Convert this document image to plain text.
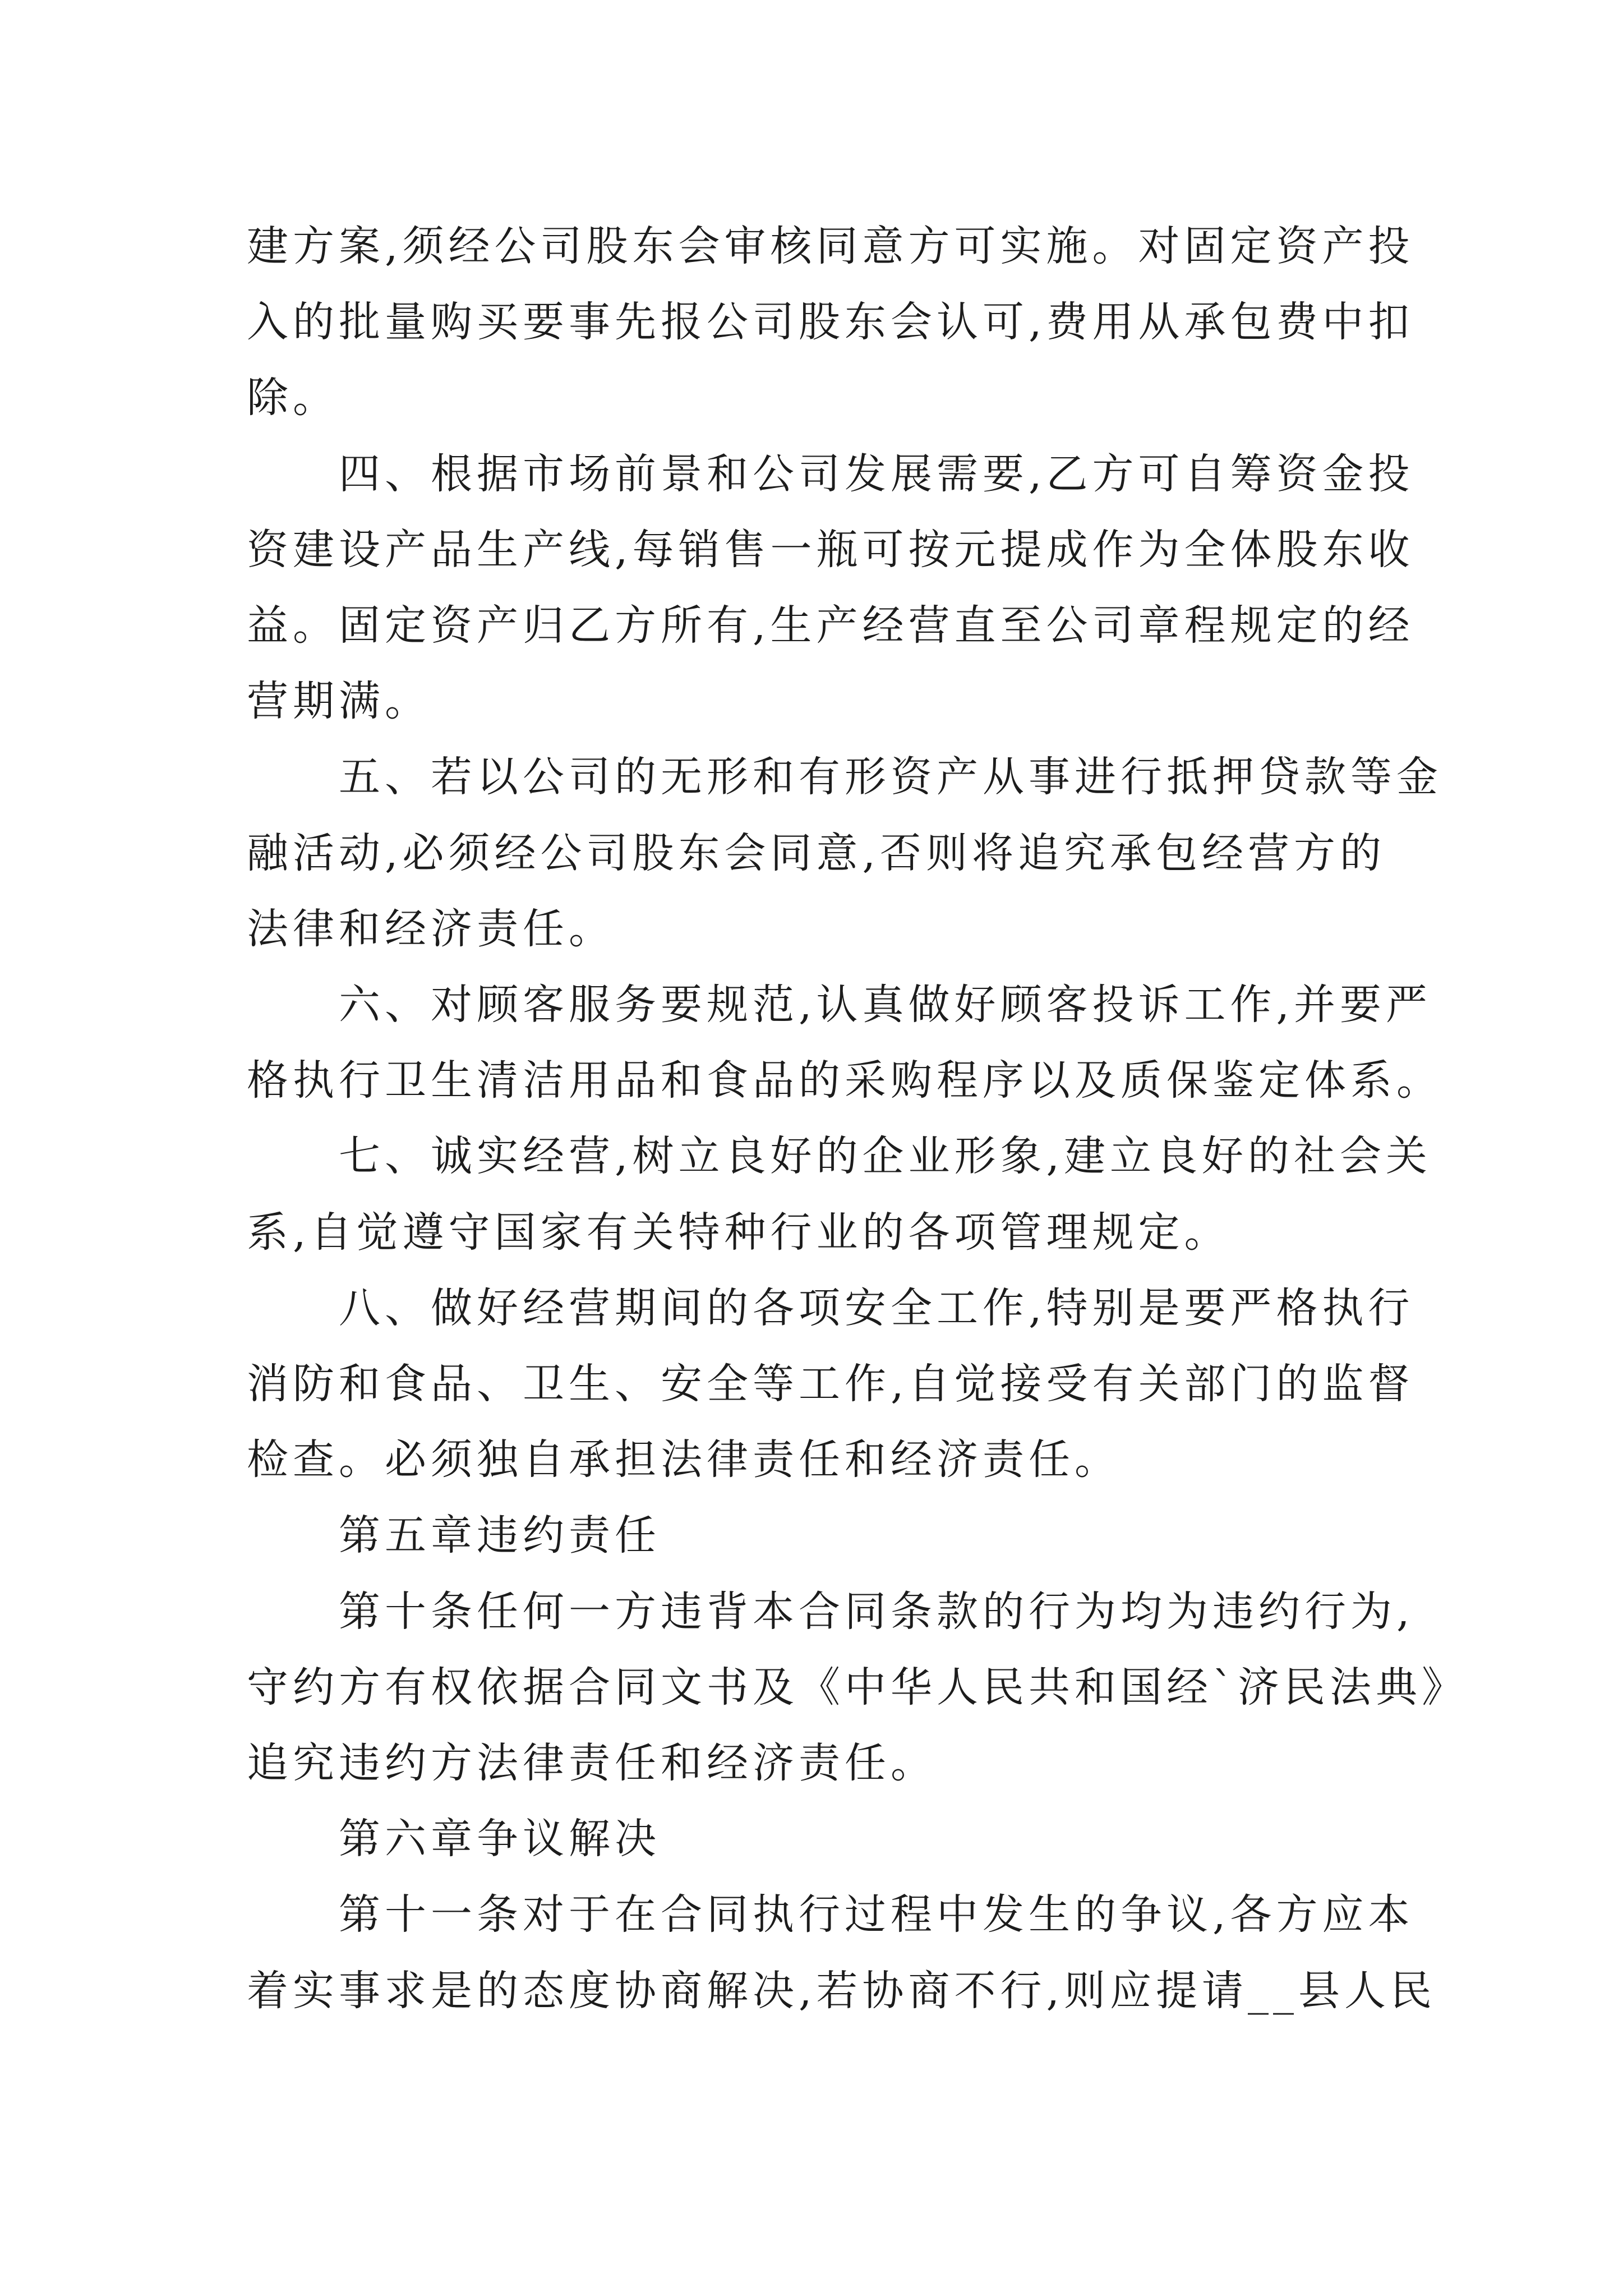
建方案,须经公司股东会审核同意方可实施。对固定资产投

入的批量购买要事先报公司股东会认可,费用从承包费中扣

除。

　　四、根据市场前景和公司发展需要,乙方可自筹资金投

资建设产品生产线,每销售一瓶可按元提成作为全体股东收

益。固定资产归乙方所有,生产经营直至公司章程规定的经

营期满。

　　五、若以公司的无形和有形资产从事进行抵押贷款等金

融活动,必须经公司股东会同意,否则将追究承包经营方的

法律和经济责任。

　　六、对顾客服务要规范,认真做好顾客投诉工作,并要严

格执行卫生清洁用品和食品的采购程序以及质保鉴定体系。

　　七、诚实经营,树立良好的企业形象,建立良好的社会关

系,自觉遵守国家有关特种行业的各项管理规定。

　　八、做好经营期间的各项安全工作,特别是要严格执行

消防和食品、卫生、安全等工作,自觉接受有关部门的监督

检查。必须独自承担法律责任和经济责任。

　　第五章违约责任

　　第十条任何一方违背本合同条款的行为均为违约行为,

守约方有权依据合同文书及《中华人民共和国经`济民法典》

追究违约方法律责任和经济责任。

　　第六章争议解决

　　第十一条对于在合同执行过程中发生的争议,各方应本

着实事求是的态度协商解决,若协商不行,则应提请__县人民
